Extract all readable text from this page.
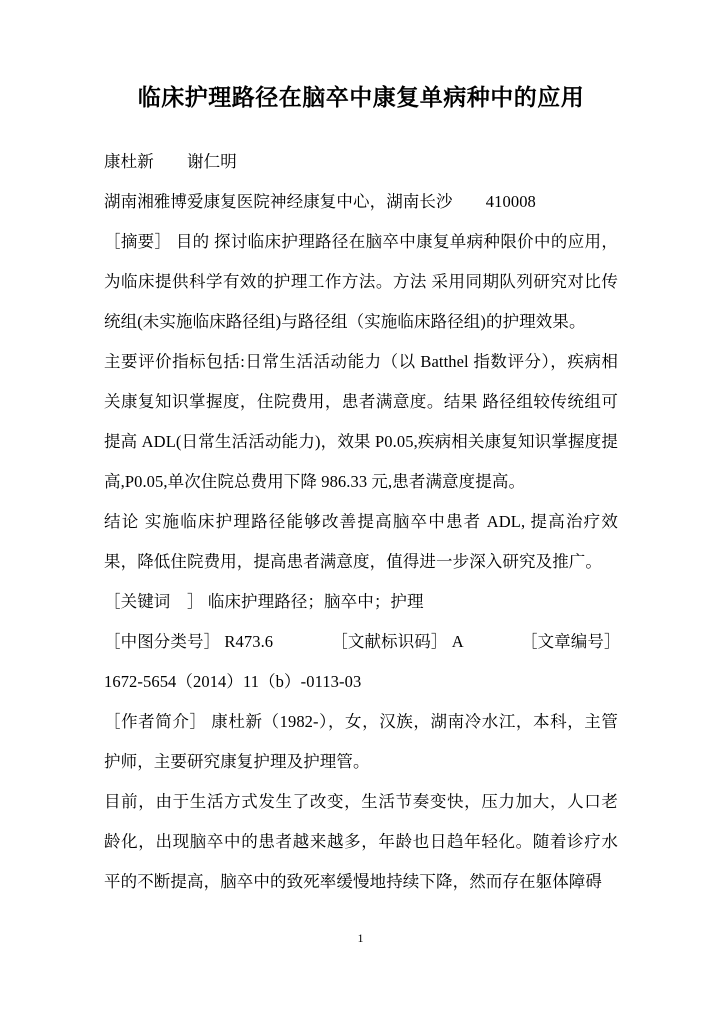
临床护理路径在脑卒中康复单病种中的应用

康杜新　　谢仁明

湖南湘雅博爱康复医院神经康复中心，湖南长沙　　410008

［摘要］ 目的 探讨临床护理路径在脑卒中康复单病种限价中的应用，为临床提供科学有效的护理工作方法。方法 采用同期队列研究对比传统组(未实施临床路径组)与路径组（实施临床路径组)的护理效果。

主要评价指标包括:日常生活活动能力（以 Batthel 指数评分），疾病相关康复知识掌握度，住院费用，患者满意度。结果 路径组较传统组可提高 ADL(日常生活活动能力)，效果 P0.05,疾病相关康复知识掌握度提高,P0.05,单次住院总费用下降 986.33 元,患者满意度提高。

结论 实施临床护理路径能够改善提高脑卒中患者 ADL, 提高治疗效果，降低住院费用，提高患者满意度，值得进一步深入研究及推广。

［关键词　］ 临床护理路径；脑卒中；护理

［中图分类号］ R473.6　　　　［文献标识码］ A　　　　［文章编号］

1672-5654（2014）11（b）-0113-03

［作者简介］ 康杜新（1982-），女，汉族，湖南冷水江，本科，主管护师，主要研究康复护理及护理管。

目前，由于生活方式发生了改变，生活节奏变快，压力加大，人口老龄化，出现脑卒中的患者越来越多，年龄也日趋年轻化。随着诊疗水平的不断提高，脑卒中的致死率缓慢地持续下降，然而存在躯体障碍

1
